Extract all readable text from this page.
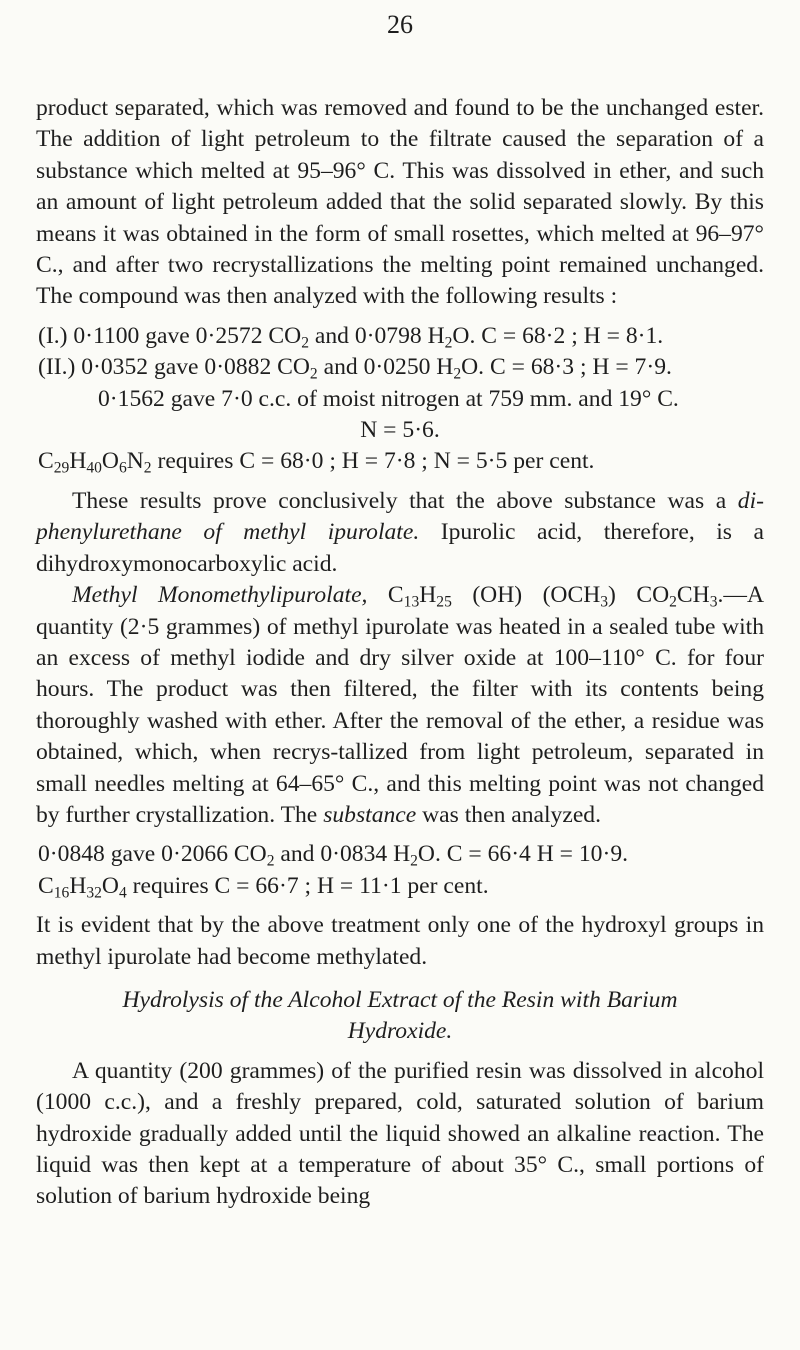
26

product separated, which was removed and found to be the unchanged ester. The addition of light petroleum to the filtrate caused the separation of a substance which melted at 95–96° C. This was dissolved in ether, and such an amount of light petroleum added that the solid separated slowly. By this means it was obtained in the form of small rosettes, which melted at 96–97° C., and after two recrystallizations the melting point remained unchanged. The compound was then analyzed with the following results :

(I.) 0·1100 gave 0·2572 $CO_2$ and 0·0798 $H_2O$. C = 68·2 ; H = 8·1.
(II.) 0·0352 gave 0·0882 $CO_2$ and 0·0250 $H_2O$. C = 68·3 ; H = 7·9.
0·1562 gave 7·0 c.c. of moist nitrogen at 759 mm. and 19° C.
N = 5·6.
$C_{29}H_{40}O_6N_2$ requires C = 68·0 ; H = 7·8 ; N = 5·5 per cent.

These results prove conclusively that the above substance was a di-phenylurethane of methyl ipurolate. Ipurolic acid, therefore, is a dihydroxymonocarboxylic acid.

Methyl Monomethylipurolate, $C_{13}H_{25}$ (OH) $(OCH_3)$ $CO_2CH_3.—A$ quantity (2·5 grammes) of methyl ipurolate was heated in a sealed tube with an excess of methyl iodide and dry silver oxide at 100–110° C. for four hours. The product was then filtered, the filter with its contents being thoroughly washed with ether. After the removal of the ether, a residue was obtained, which, when recrys-tallized from light petroleum, separated in small needles melting at 64–65° C., and this melting point was not changed by further crystallization. The substance was then analyzed.

0·0848 gave 0·2066 $CO_2$ and 0·0834 $H_2O$. C = 66·4 H = 10·9.
$C_{16}H_{32}O_4$ requires C = 66·7 ; H = 11·1 per cent.

It is evident that by the above treatment only one of the hydroxyl groups in methyl ipurolate had become methylated.

Hydrolysis of the Alcohol Extract of the Resin with Barium
Hydroxide.

A quantity (200 grammes) of the purified resin was dissolved in alcohol (1000 c.c.), and a freshly prepared, cold, saturated solution of barium hydroxide gradually added until the liquid showed an alkaline reaction. The liquid was then kept at a temperature of about 35° C., small portions of solution of barium hydroxide being
